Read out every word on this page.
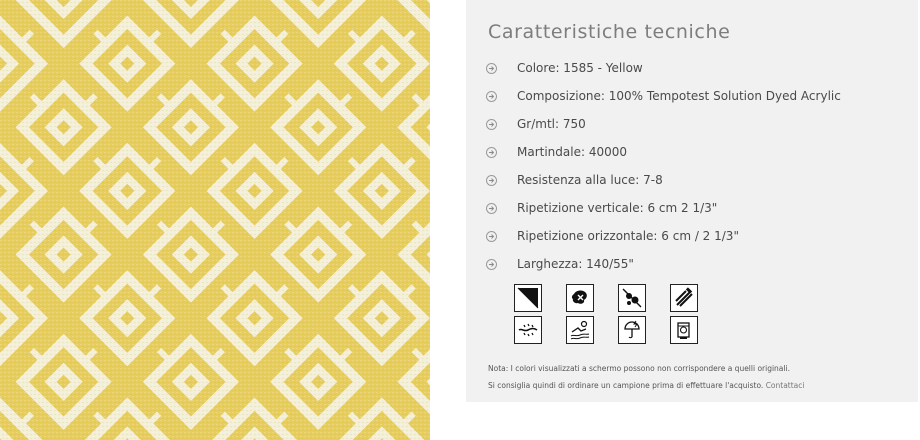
Caratteristiche tecniche
Colore: 1585 - Yellow
Composizione: 100% Tempotest Solution Dyed Acrylic
Gr/mtl: 750
Martindale: 40000
Resistenza alla luce: 7-8
Ripetizione verticale: 6 cm 2 1/3"
Ripetizione orizzontale: 6 cm / 2 1/3"
Larghezza: 140/55"
Nota: I colori visualizzati a schermo possono non corrispondere a quelli originali.
Si consiglia quindi di ordinare un campione prima di effettuare l'acquisto. Contattaci
